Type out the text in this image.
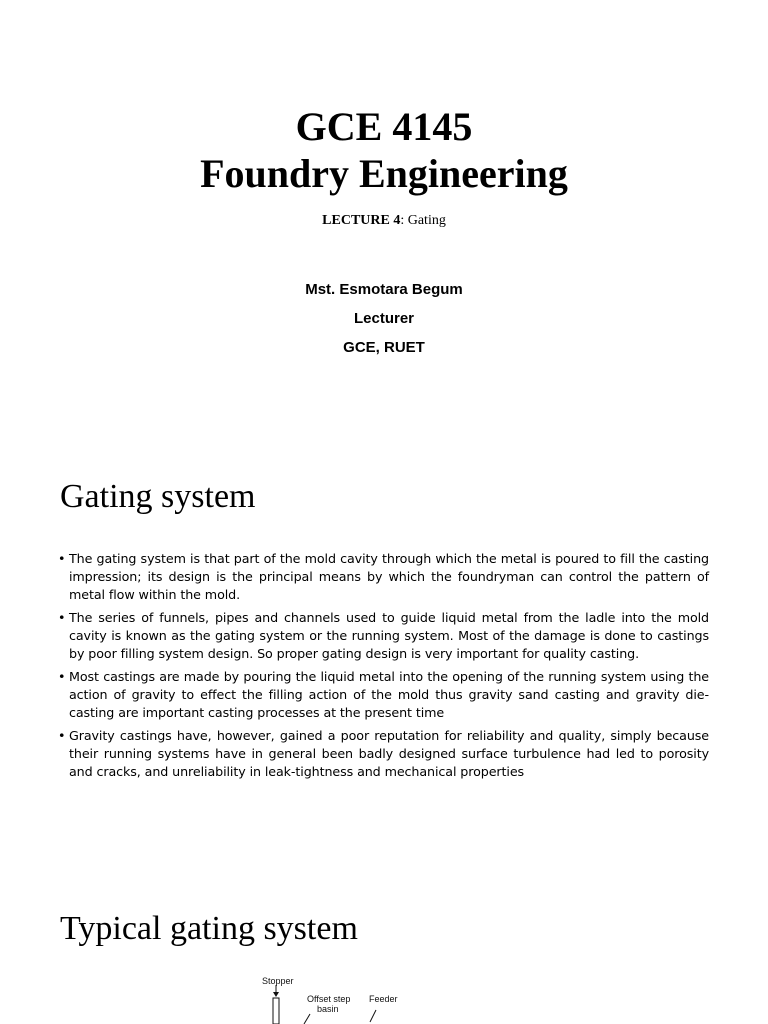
GCE 4145
Foundry Engineering
LECTURE 4: Gating
Mst. Esmotara Begum
Lecturer
GCE, RUET
Gating system
• The gating system is that part of the mold cavity through which the metal is poured to fill the casting impression; its design is the principal means by which the foundryman can control the pattern of metal flow within the mold.
• The series of funnels, pipes and channels used to guide liquid metal from the ladle into the mold cavity is known as the gating system or the running system. Most of the damage is done to castings by poor filling system design. So proper gating design is very important for quality casting.
• Most castings are made by pouring the liquid metal into the opening of the running system using the action of gravity to effect the filling action of the mold thus gravity sand casting and gravity die-casting are important casting processes at the present time
• Gravity castings have, however, gained a poor reputation for reliability and quality, simply because their running systems have in general been badly designed surface turbulence had led to porosity and cracks, and unreliability in leak-tightness and mechanical properties
Typical gating system
Stopper
Offset step
basin
Feeder
